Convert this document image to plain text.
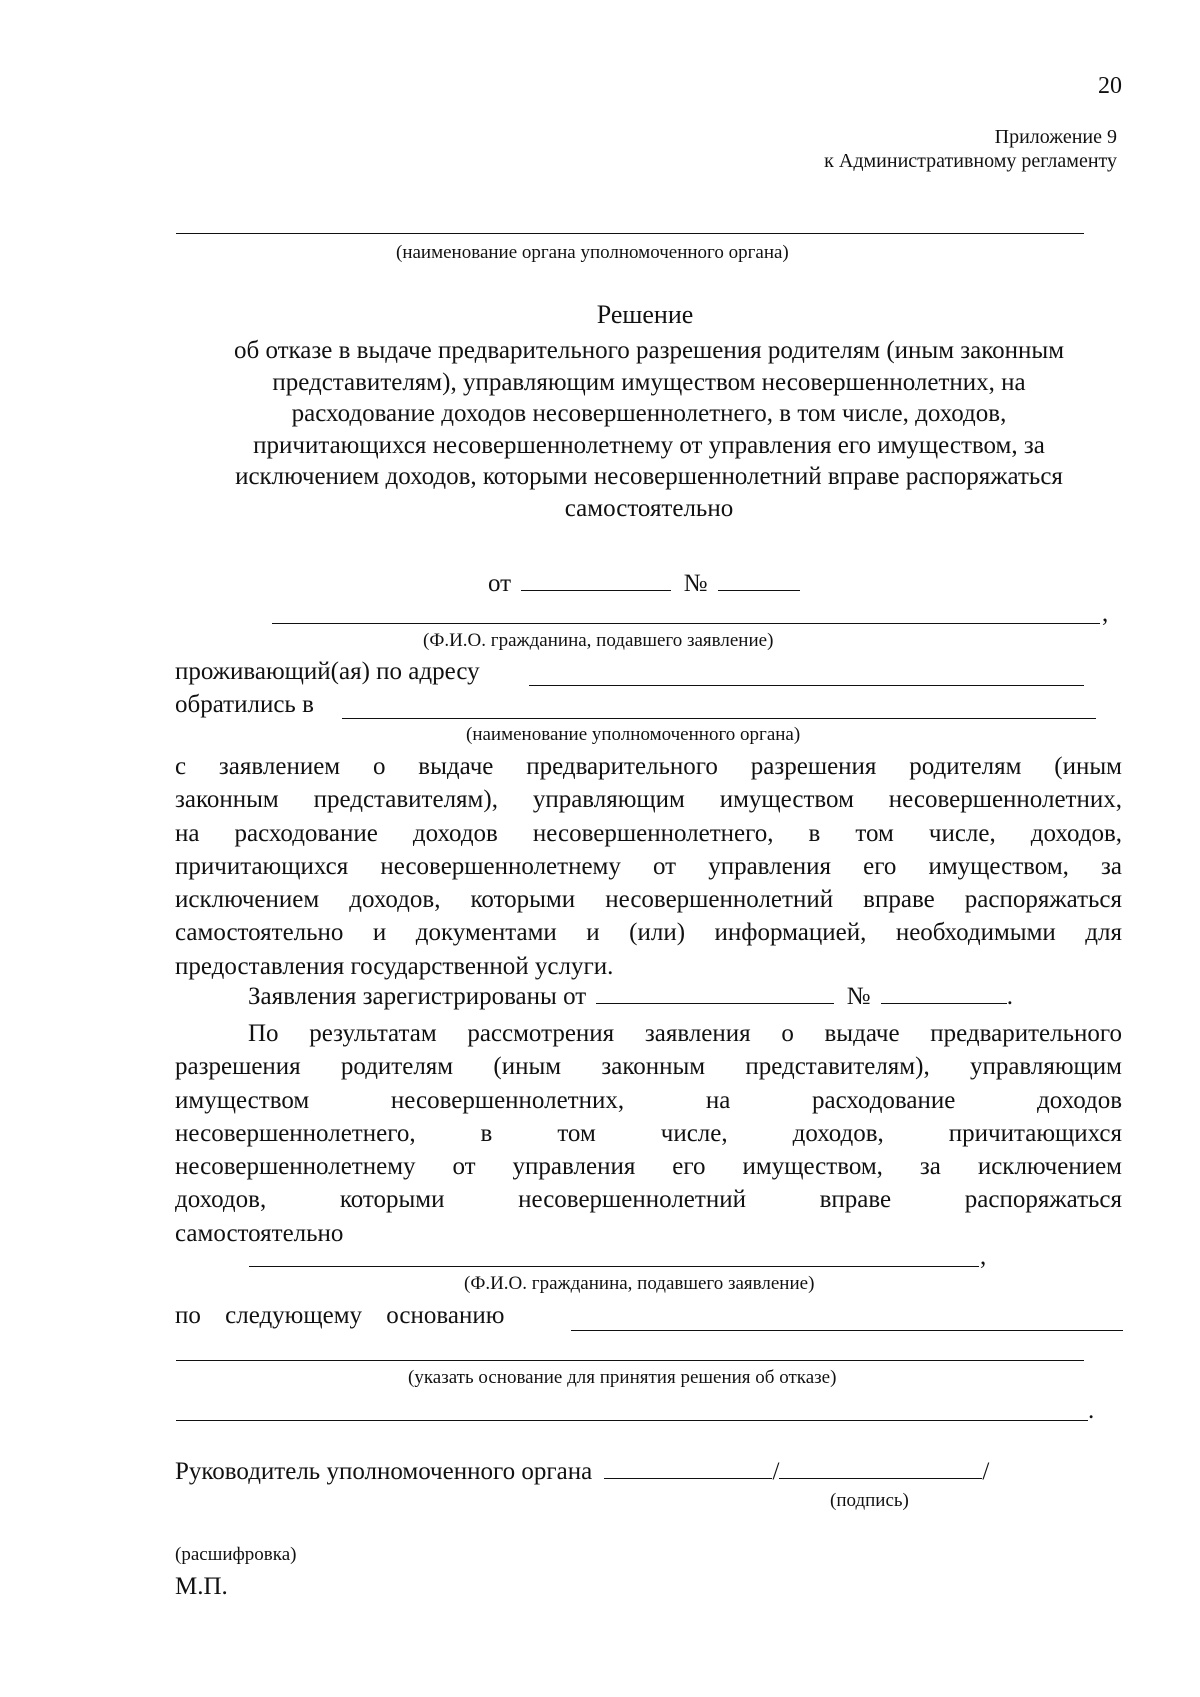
20
Приложение 9
к Административному регламенту
(наименование органа уполномоченного органа)
Решение
об отказе в выдаче предварительного разрешения родителям (иным законным
представителям), управляющим имуществом несовершеннолетних, на
расходование доходов несовершеннолетнего, в том числе, доходов,
причитающихся несовершеннолетнему от управления его имуществом, за
исключением доходов, которыми несовершеннолетний вправе распоряжаться
самостоятельно
от	№
,
(Ф.И.О. гражданина, подавшего заявление)
проживающий(ая) по адресу
обратились в
(наименование уполномоченного органа)
с заявлением о выдаче предварительного разрешения родителям (иным
законным представителям), управляющим имуществом несовершеннолетних,
на расходование доходов несовершеннолетнего, в том числе, доходов,
причитающихся несовершеннолетнему от управления его имуществом, за
исключением доходов, которыми несовершеннолетний вправе распоряжаться
самостоятельно и документами и (или) информацией, необходимыми для
предоставления государственной услуги.
Заявления зарегистрированы от	№	.
По результатам рассмотрения заявления о выдаче предварительного
разрешения родителям (иным законным представителям), управляющим
имуществом несовершеннолетних, на расходование доходов
несовершеннолетнего, в том числе, доходов, причитающихся
несовершеннолетнему от управления его имуществом, за исключением
доходов, которыми несовершеннолетний вправе распоряжаться
самостоятельно
,
(Ф.И.О. гражданина, подавшего заявление)
по следующему основанию
(указать основание для принятия решения об отказе)
.
Руководитель уполномоченного органа	/	/
(подпись)
(расшифровка)
М.П.
